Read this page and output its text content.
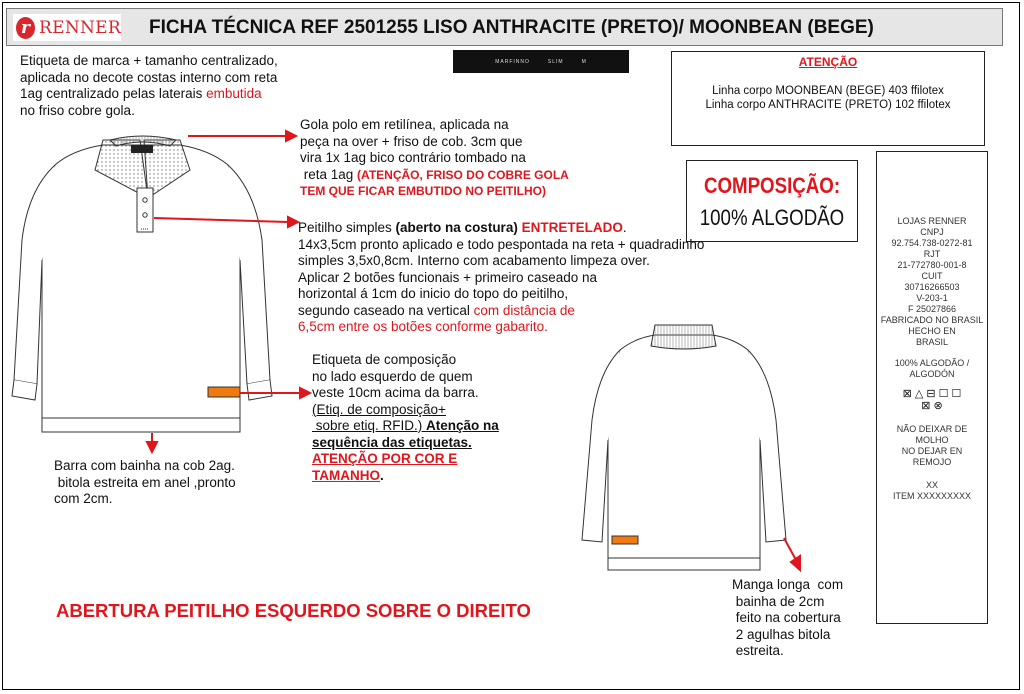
r RENNER FICHA TÉCNICA REF 2501255 LISO ANTHRACITE (PRETO)/ MOONBEAN (BEGE)
Etiqueta de marca + tamanho centralizado,
aplicada no decote costas interno com reta
1ag centralizado pelas laterais embutida
no friso cobre gola.
MARFINNO	SLIM	M	ATENÇÃO
Linha corpo MOONBEAN (BEGE) 403 ffilotex
Linha corpo ANTHRACITE (PRETO) 102 ffilotex
Gola polo em retilínea, aplicada na
peça na over + friso de cob. 3cm que
vira 1x 1ag bico contrário tombado na
reta 1ag (ATENÇÃO, FRISO DO COBRE GOLA
TEM QUE FICAR EMBUTIDO NO PEITILHO)	COMPOSIÇÃO:
100% ALGODÃO
Peitilho simples (aberto na costura) ENTRETELADO.
14x3,5cm pronto aplicado e todo pespontada na reta + quadradinho
simples 3,5x0,8cm. Interno com acabamento limpeza over.
Aplicar 2 botões funcionais + primeiro caseado na
horizontal á 1cm do inicio do topo do peitilho,
segundo caseado na vertical com distância de
6,5cm entre os botões conforme gabarito.
LOJAS RENNER
CNPJ
92.754.738-0272-81
RJT
21-772780-001-8
CUIT
30716266503
V-203-1
F 25027866
FABRICADO NO BRASIL
HECHO EN
BRASIL
100% ALGODÃO /
ALGODÓN
⊠ △ ⊟ ☐ ☐
⊠ ⊗
NÃO DEIXAR DE
MOLHO
NO DEJAR EN
REMOJO
XX
ITEM XXXXXXXXX
Etiqueta de composição
no lado esquerdo de quem
veste 10cm acima da barra.
(Etiq. de composição+
sobre etiq. RFID.) Atenção na
sequência das etiquetas.
ATENÇÃO POR COR E
TAMANHO.
Barra com bainha na cob 2ag.
bitola estreita em anel ,pronto
com 2cm.
Manga longa  com
bainha de 2cm
feito na cobertura
2 agulhas bitola
estreita.
ABERTURA PEITILHO ESQUERDO SOBRE O DIREITO
